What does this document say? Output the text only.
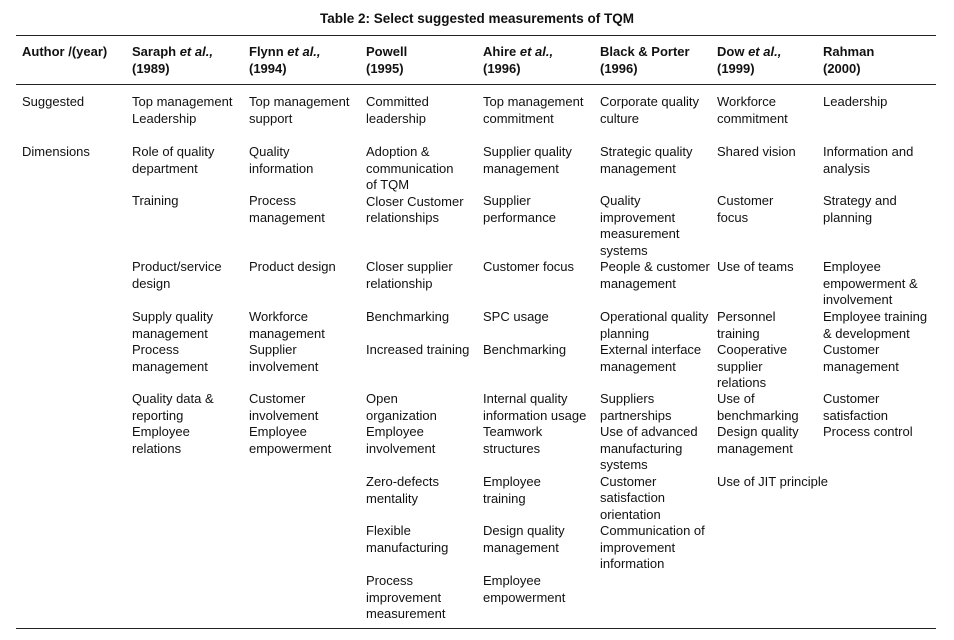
Table 2: Select suggested measurements of TQM
Author /(year) Saraph et al.,
(1989)
Flynn et al.,
(1994)
Powell
(1995)
Ahire et al.,
(1996)
Black & Porter
(1996)
Dow et al.,
(1999)
Rahman
(2000)
Suggested
Dimensions
Top management
Leadership
Role of quality
department
Training
Product/service
design
Supply quality
management
Process
management
Quality data &
reporting
Employee
relations
Top management
support
Quality
information
Process
management
Product design
Workforce
management
Supplier
involvement
Customer
involvement
Employee
empowerment
Committed
leadership
Adoption &
communication
of TQM
Closer Customer
relationships
Closer supplier
relationship
Benchmarking
Increased training
Open
organization
Employee
involvement
Zero-defects
mentality
Flexible
manufacturing
Process
improvement
measurement
Top management
commitment
Supplier quality
management
Supplier
performance
Customer focus
SPC usage
Benchmarking
Internal quality
information usage
Teamwork
structures
Employee
training
Design quality
management
Employee
empowerment
Corporate quality
culture
Strategic quality
management
Quality
improvement
measurement
systems
People & customer
management
Operational quality
planning
External interface
management
Suppliers
partnerships
Use of advanced
manufacturing
systems
Customer
satisfaction
orientation
Communication of
improvement
information
Workforce
commitment
Shared vision
Customer
focus
Use of teams
Personnel
training
Cooperative
supplier
relations
Use of
benchmarking
Design quality
management
Use of JIT principle
Leadership
Information and
analysis
Strategy and
planning
Employee
empowerment &
involvement
Employee training
& development
Customer
management
Customer
satisfaction
Process control
